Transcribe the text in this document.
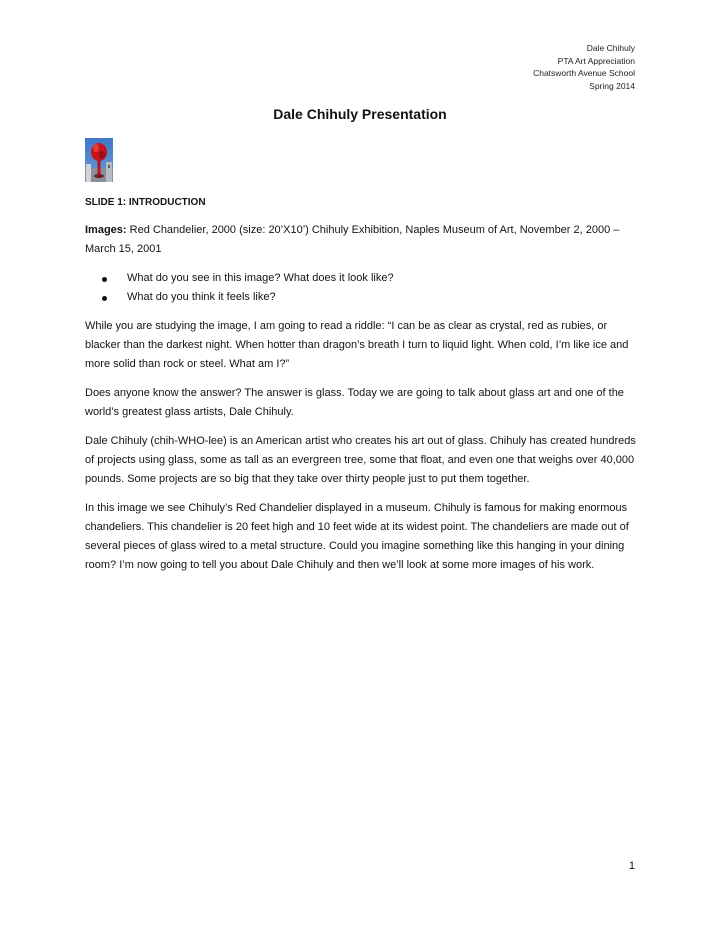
Dale Chihuly
PTA Art Appreciation
Chatsworth Avenue School
Spring 2014
Dale Chihuly Presentation

SLIDE 1: INTRODUCTION

Images: Red Chandelier, 2000 (size: 20’X10’) Chihuly Exhibition, Naples Museum of Art, November 2, 2000 – March 15, 2001

What do you see in this image? What does it look like?
What do you think it feels like?

While you are studying the image, I am going to read a riddle: “I can be as clear as crystal, red as rubies, or blacker than the darkest night. When hotter than dragon’s breath I turn to liquid light. When cold, I’m like ice and more solid than rock or steel. What am I?”

Does anyone know the answer? The answer is glass. Today we are going to talk about glass art and one of the world’s greatest glass artists, Dale Chihuly.

Dale Chihuly (chih-WHO-lee) is an American artist who creates his art out of glass. Chihuly has created hundreds of projects using glass, some as tall as an evergreen tree, some that float, and even one that weighs over 40,000 pounds. Some projects are so big that they take over thirty people just to put them together.

In this image we see Chihuly’s Red Chandelier displayed in a museum. Chihuly is famous for making enormous chandeliers. This chandelier is 20 feet high and 10 feet wide at its widest point. The chandeliers are made out of several pieces of glass wired to a metal structure. Could you imagine something like this hanging in your dining room? I’m now going to tell you about Dale Chihuly and then we’ll look at some more images of his work.

1
